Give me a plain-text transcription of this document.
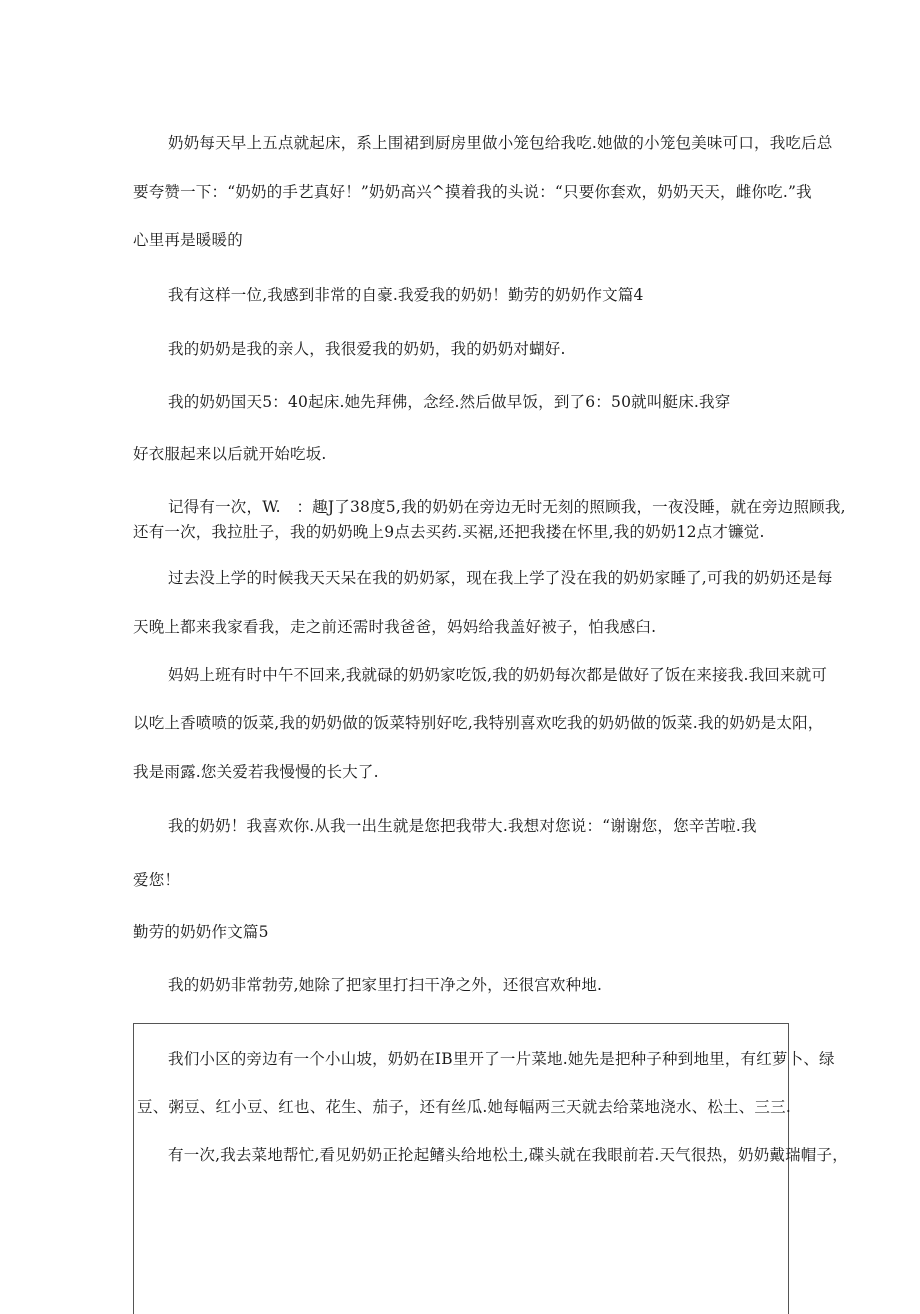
奶奶每天早上五点就起床，系上围裙到厨房里做小笼包给我吃.她做的小笼包美味可口，我吃后总
要夸赞一下：“奶奶的手艺真好！”奶奶高兴^摸着我的头说：“只要你套欢，奶奶天天，雌你吃.”我
心里再是暖暖的
我有这样一位,我感到非常的自豪.我爱我的奶奶！勤劳的奶奶作文篇4
我的奶奶是我的亲人，我很爱我的奶奶，我的奶奶对蝴好.
我的奶奶国天5：40起床.她先拜佛，念经.然后做早饭，到了6：50就叫艇床.我穿
好衣服起来以后就开始吃坂.
记得有一次，W.　：趣J了38度5,我的奶奶在旁边无时无刻的照顾我，一夜没睡，就在旁边照顾我,
还有一次，我拉肚子，我的奶奶晚上9点去买药.买裾,还把我搂在怀里,我的奶奶12点才镰觉.
过去没上学的时候我天天呆在我的奶奶冢，现在我上学了没在我的奶奶家睡了,可我的奶奶还是每
天晚上都来我家看我，走之前还需时我爸爸，妈妈给我盖好被子，怕我感臼.
妈妈上班有时中午不回来,我就碌的奶奶家吃饭,我的奶奶每次都是做好了饭在来接我.我回来就可
以吃上香喷喷的饭菜,我的奶奶做的饭菜特别好吃,我特别喜欢吃我的奶奶做的饭菜.我的奶奶是太阳，
我是雨露.您关爱若我慢慢的长大了.
我的奶奶！我喜欢你.从我一出生就是您把我带大.我想对您说：“谢谢您，您辛苦啦.我
爱您！
勤劳的奶奶作文篇5
我的奶奶非常勃劳,她除了把家里打扫干净之外，还很宫欢种地.
我们小区的旁边有一个小山坡，奶奶在IB里开了一片菜地.她先是把种子种到地里，有红萝卜、绿
豆、粥豆、红小豆、红也、花生、茄子，还有丝瓜.她每幅两三天就去给菜地浇水、松土、三三.
有一次,我去菜地帮忙,看见奶奶正抡起鳍头给地松土,碟头就在我眼前若.天气很热，奶奶戴瑞帽子，
